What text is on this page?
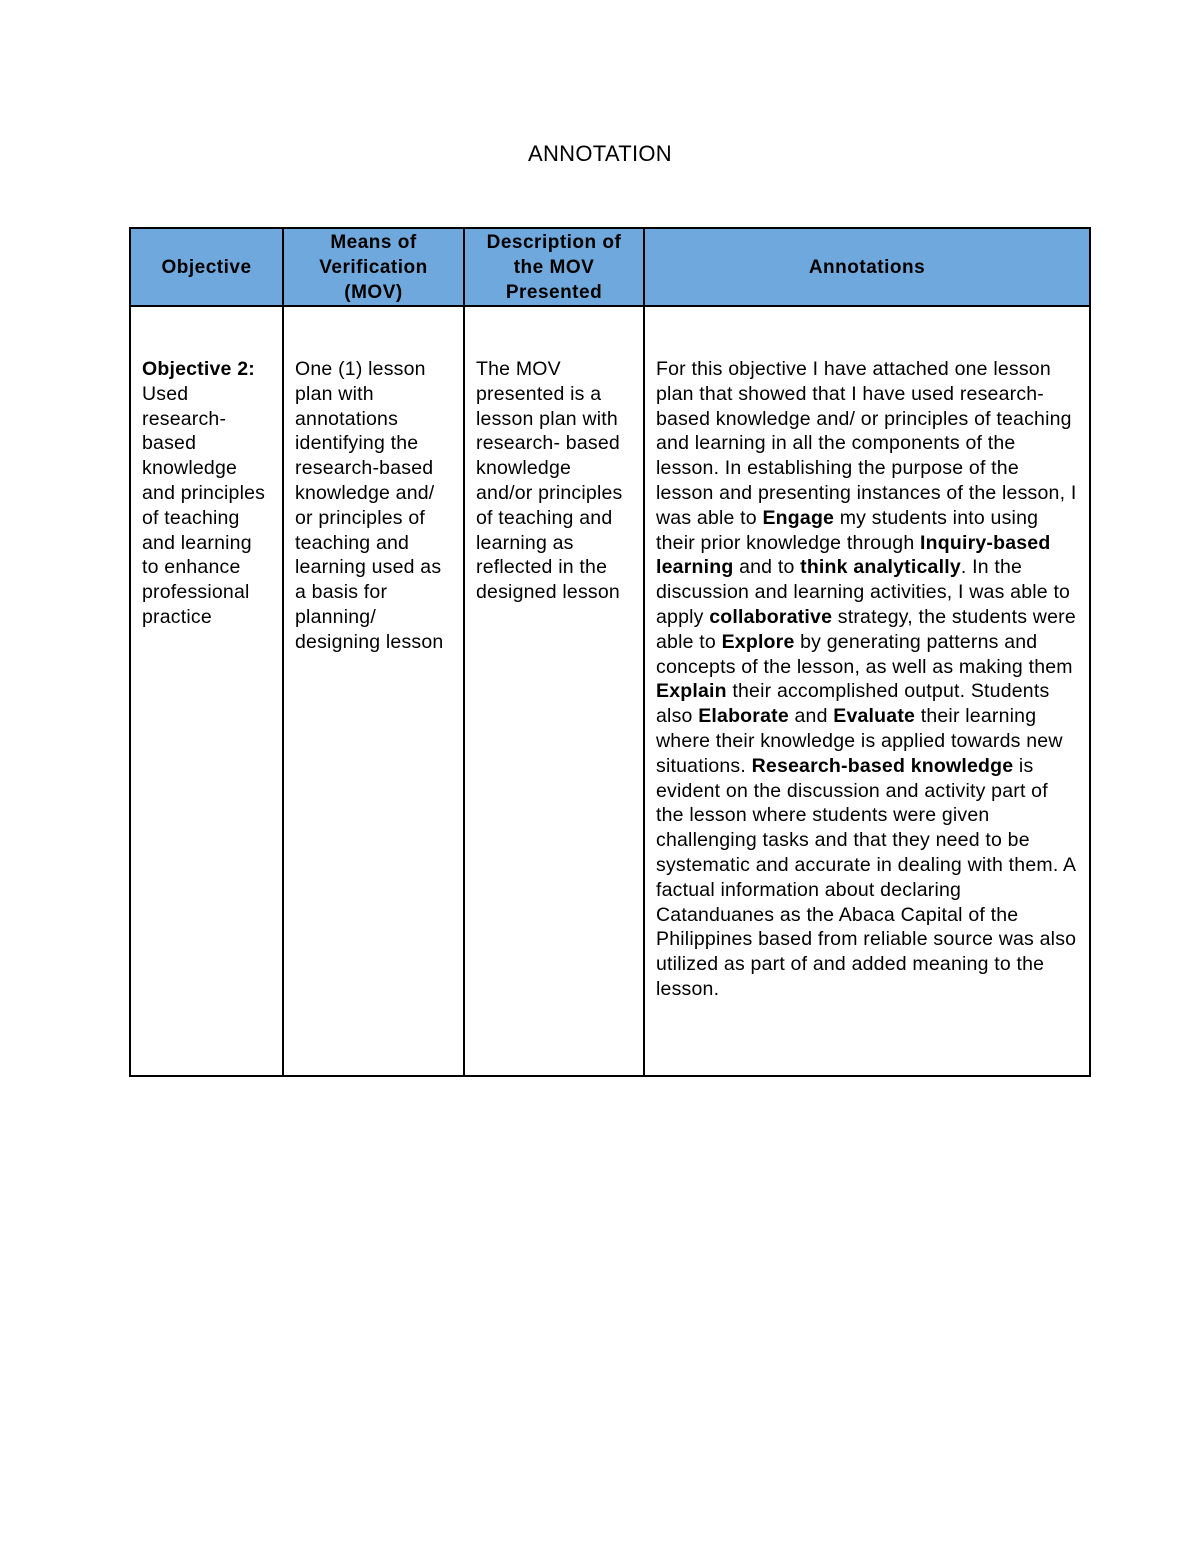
ANNOTATION
Objective	Means of Verification (MOV)	Description of the MOV Presented	Annotations
Objective 2: Used research-based knowledge and principles of teaching and learning to enhance professional practice	One (1) lesson plan with annotations identifying the research-based knowledge and/ or principles of teaching and learning used as a basis for planning/ designing lesson	The MOV presented is a lesson plan with research- based knowledge and/or principles of teaching and learning as reflected in the designed lesson	For this objective I have attached one lesson plan that showed that I have used research- based knowledge and/ or principles of teaching and learning in all the components of the lesson. In establishing the purpose of the lesson and presenting instances of the lesson, I was able to Engage my students into using their prior knowledge through Inquiry-based learning and to think analytically. In the discussion and learning activities, I was able to apply collaborative strategy, the students were able to Explore by generating patterns and concepts of the lesson, as well as making them Explain their accomplished output. Students also Elaborate and Evaluate their learning where their knowledge is applied towards new situations. Research-based knowledge is evident on the discussion and activity part of the lesson where students were given challenging tasks and that they need to be systematic and accurate in dealing with them. A factual information about declaring Catanduanes as the Abaca Capital of the Philippines based from reliable source was also utilized as part of and added meaning to the lesson.
